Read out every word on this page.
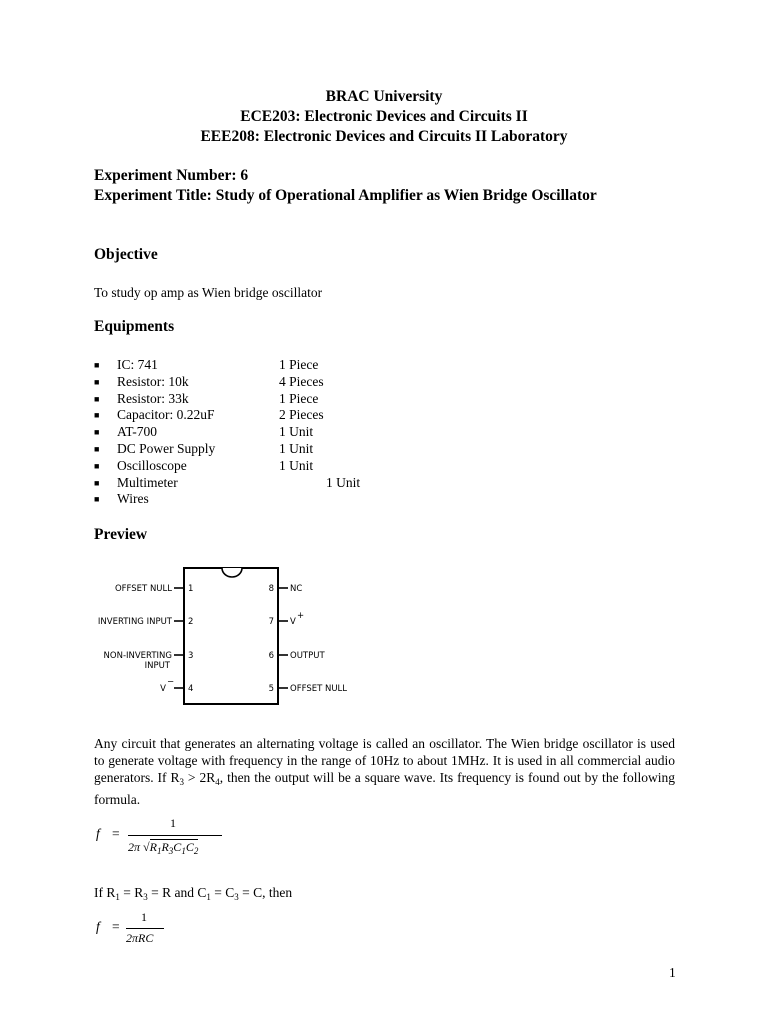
BRAC University
ECE203: Electronic Devices and Circuits II
EEE208: Electronic Devices and Circuits II Laboratory
Experiment Number: 6
Experiment Title: Study of Operational Amplifier as Wien Bridge Oscillator
Objective
To study op amp as Wien bridge oscillator
Equipments
■ IC: 741	1 Piece
■ Resistor: 10k	4 Pieces
■ Resistor: 33k	1 Piece
■ Capacitor: 0.22uF	2 Pieces
■ AT-700	1 Unit
■ DC Power Supply	1 Unit
■ Oscilloscope	1 Unit
■ Multimeter	1 Unit
■ Wires
Preview
OFFSET NULL
INVERTING INPUT
NON-INVERTING
INPUT
V
−
1
2
3
4
8
7
6
5
NC
V
+
OUTPUT
OFFSET NULL
Any circuit that generates an alternating voltage is called an oscillator. The Wien bridge oscillator is used to generate voltage with frequency in the range of 10Hz to about 1MHz. It is used in all commercial audio generators. If $R_3 > 2R_4$, then the output will be a square wave. Its frequency is found out by the following formula.
f =
1
2π $√R_1R_3C_1C_2$
If $R_1 = R_3 = R$ and $C_1 = C_3 = C$, then
f =
1
2πRC
1
